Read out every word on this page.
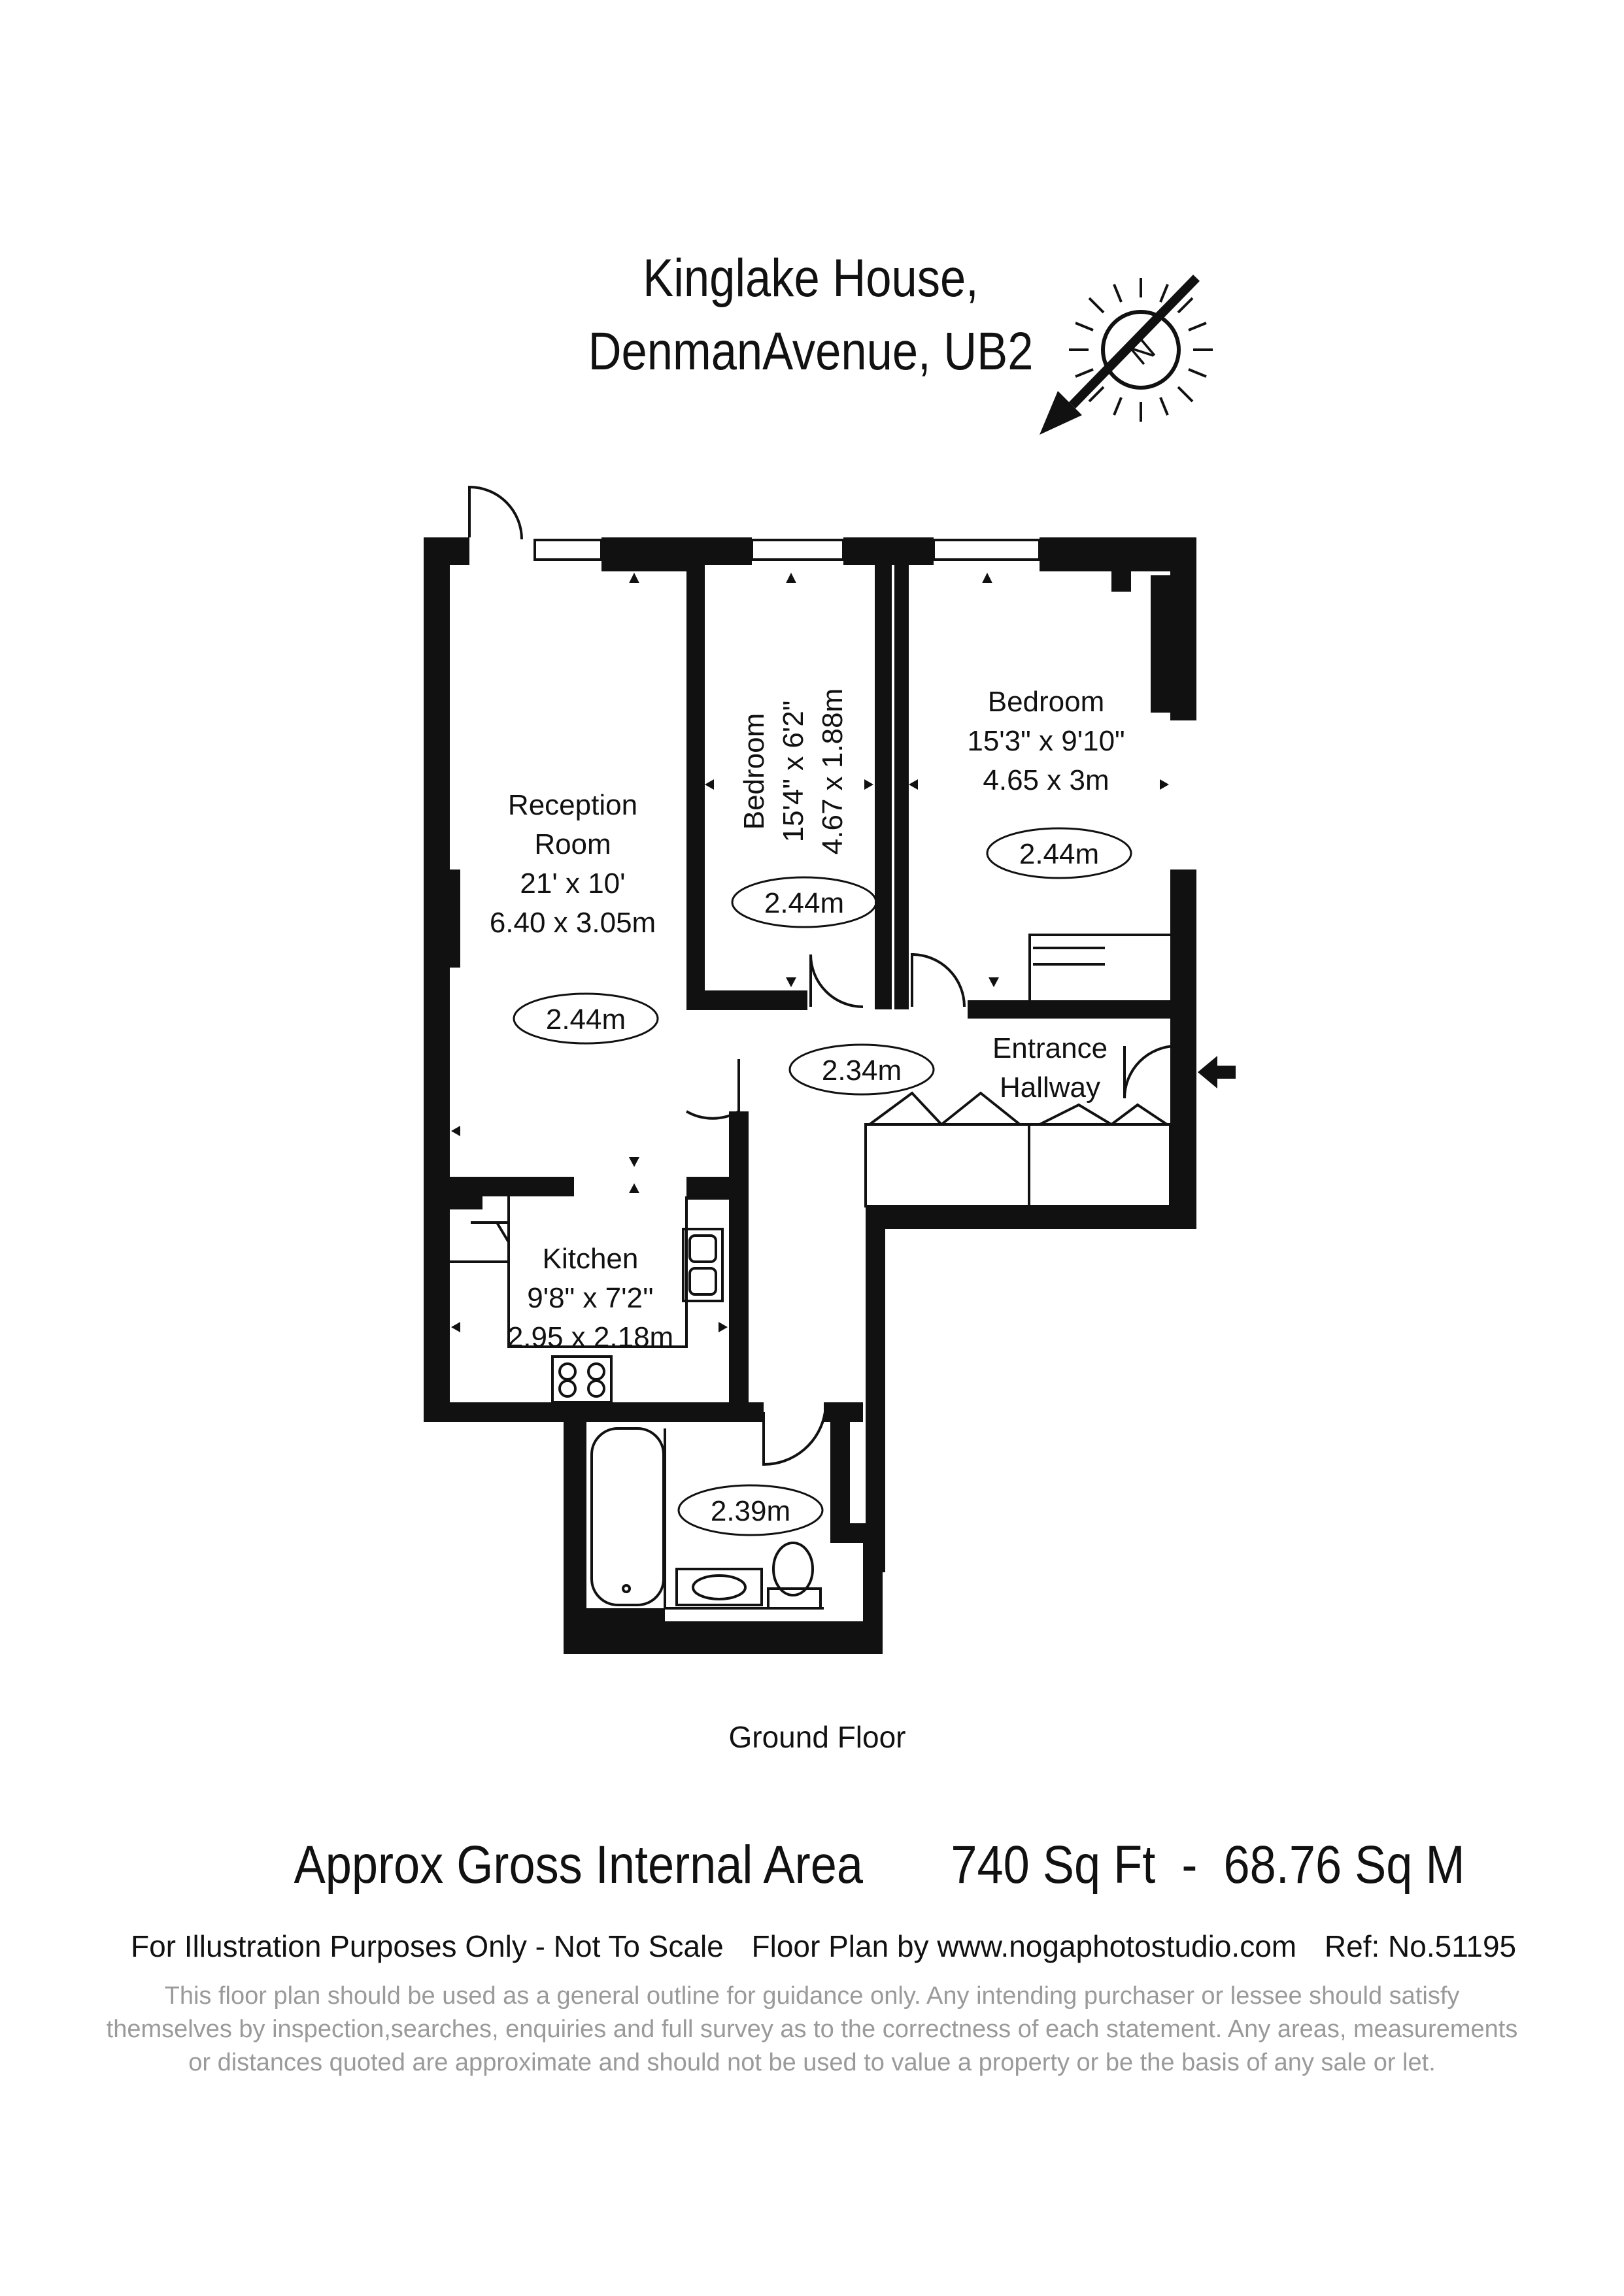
Kinglake House,
DenmanAvenue, UB2	N
2.44m
2.44m
2.44m
2.34m
2.39m
Reception
Room
21' x 10'
6.40 x 3.05m
Bedroom 15'4" x 6'2" 4.67 x 1.88m	Bedroom
15'3" x 9'10"
4.65 x 3m
Entrance
Hallway
Kitchen
9'8" x 7'2''
2.95 x 2.18m
Ground Floor
Approx Gross Internal Area 740 Sq Ft  -  68.76 Sq M
For Illustration Purposes Only - Not To Scale Floor Plan by www.nogaphotostudio.com Ref: No.51195
This floor plan should be used as a general outline for guidance only. Any intending purchaser or lessee should satisfy
themselves by inspection,searches, enquiries and full survey as to the correctness of each statement. Any areas, measurements
or distances quoted are approximate and should not be used to value a property or be the basis of any sale or let.
